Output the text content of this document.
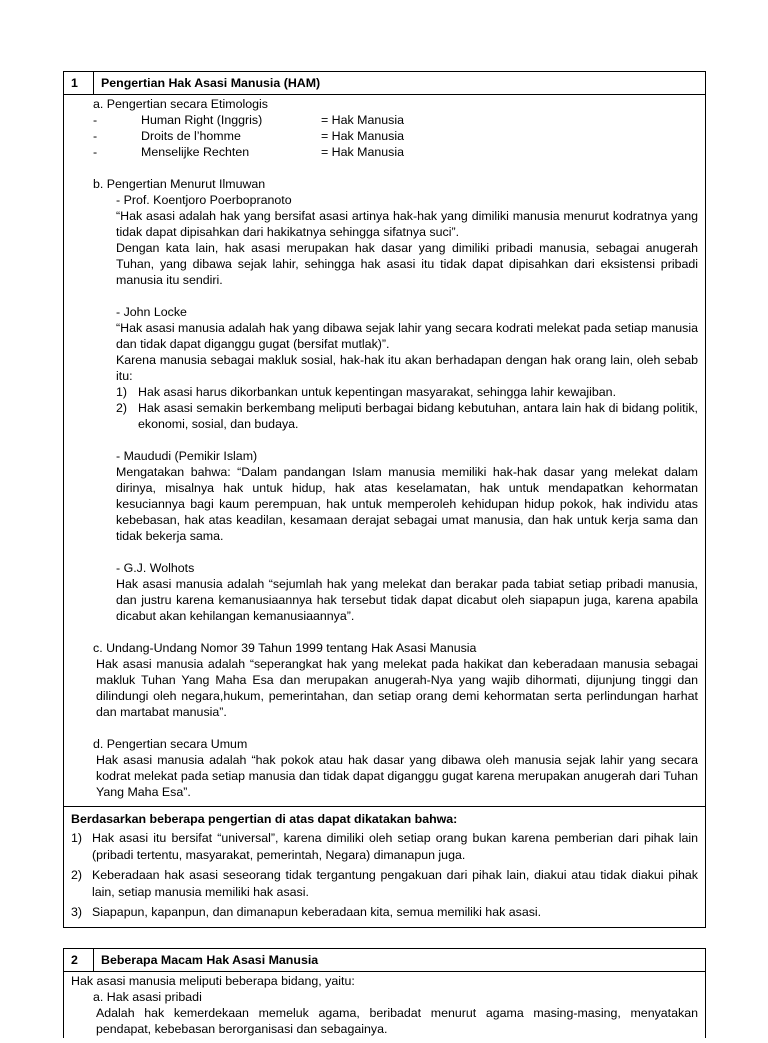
1	Pengertian Hak Asasi Manusia (HAM)
a. Pengertian secara Etimologis
-	Human Right (Inggris)	= Hak Manusia
-	Droits de l’homme	= Hak Manusia
-	Menselijke Rechten	= Hak Manusia
b. Pengertian Menurut Ilmuwan
- Prof. Koentjoro Poerbopranoto
“Hak asasi adalah hak yang bersifat asasi artinya hak-hak yang dimiliki manusia menurut kodratnya yang tidak dapat dipisahkan dari hakikatnya sehingga sifatnya suci”.
Dengan kata lain, hak asasi merupakan hak dasar yang dimiliki pribadi manusia, sebagai anugerah Tuhan, yang dibawa sejak lahir, sehingga hak asasi itu tidak dapat dipisahkan dari eksistensi pribadi manusia itu sendiri.
- John Locke
“Hak asasi manusia adalah hak yang dibawa sejak lahir yang secara kodrati melekat pada setiap manusia dan tidak dapat diganggu gugat (bersifat mutlak)”.
Karena manusia sebagai makluk sosial, hak-hak itu akan berhadapan dengan hak orang lain, oleh sebab itu:
1) Hak asasi harus dikorbankan untuk kepentingan masyarakat, sehingga lahir kewajiban.
2) Hak asasi semakin berkembang meliputi berbagai bidang kebutuhan, antara lain hak di bidang politik, ekonomi, sosial, dan budaya.
- Maududi (Pemikir Islam)
Mengatakan bahwa: “Dalam pandangan Islam manusia memiliki hak-hak dasar yang melekat dalam dirinya, misalnya hak untuk hidup, hak atas keselamatan, hak untuk mendapatkan kehormatan kesuciannya bagi kaum perempuan, hak untuk memperoleh kehidupan hidup pokok, hak individu atas kebebasan, hak atas keadilan, kesamaan derajat sebagai umat manusia, dan hak untuk kerja sama dan tidak bekerja sama.
- G.J. Wolhots
Hak asasi manusia adalah “sejumlah hak yang melekat dan berakar pada tabiat setiap pribadi manusia, dan justru karena kemanusiaannya hak tersebut tidak dapat dicabut oleh siapapun juga, karena apabila dicabut akan kehilangan kemanusiaannya”.
c. Undang-Undang Nomor 39 Tahun 1999 tentang Hak Asasi Manusia
Hak asasi manusia adalah “seperangkat hak yang melekat pada hakikat dan keberadaan manusia sebagai makluk Tuhan Yang Maha Esa dan merupakan anugerah-Nya yang wajib dihormati, dijunjung tinggi dan dilindungi oleh negara,hukum, pemerintahan, dan setiap orang demi kehormatan serta perlindungan harhat dan martabat manusia”.
d. Pengertian secara Umum
Hak asasi manusia adalah “hak pokok atau hak dasar yang dibawa oleh manusia sejak lahir yang secara kodrat melekat pada setiap manusia dan tidak dapat diganggu gugat karena merupakan anugerah dari Tuhan Yang Maha Esa”.
Berdasarkan beberapa pengertian di atas dapat dikatakan bahwa:
1) Hak asasi itu bersifat “universal”, karena dimiliki oleh setiap orang bukan karena pemberian dari pihak lain (pribadi tertentu, masyarakat, pemerintah, Negara) dimanapun juga.
2) Keberadaan hak asasi seseorang tidak tergantung pengakuan dari pihak lain, diakui atau tidak diakui pihak lain, setiap manusia memiliki hak asasi.
3) Siapapun, kapanpun, dan dimanapun keberadaan kita, semua memiliki hak asasi.
2	Beberapa Macam Hak Asasi Manusia
Hak asasi manusia meliputi beberapa bidang, yaitu:
a. Hak asasi pribadi
Adalah hak kemerdekaan memeluk agama, beribadat menurut agama masing-masing, menyatakan pendapat, kebebasan berorganisasi dan sebagainya.
